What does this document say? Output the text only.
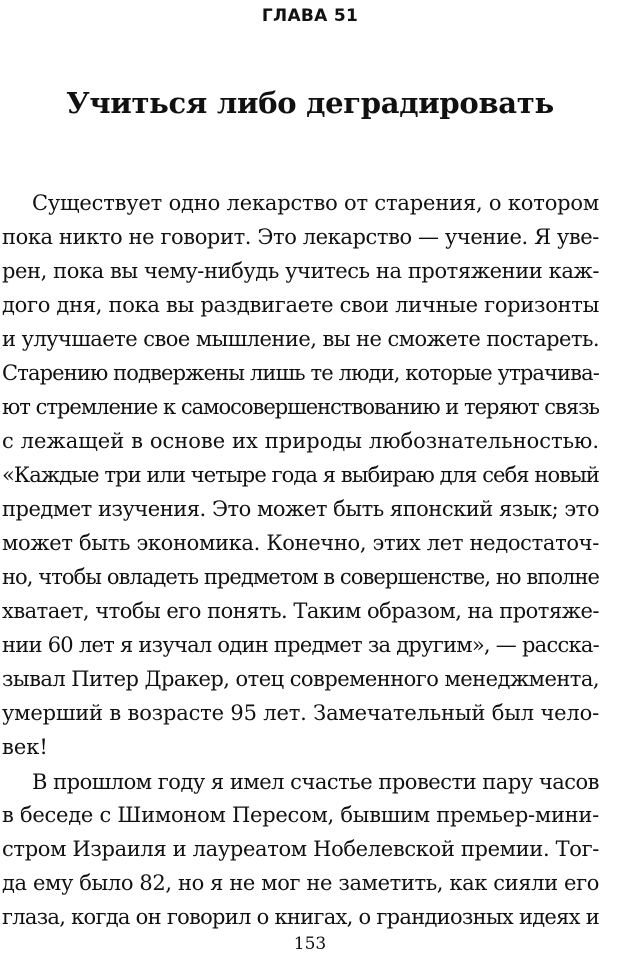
ГЛАВА 51
Учиться либо деградировать
Существует одно лекарство от старения, о котором
пока никто не говорит. Это лекарство — учение. Я уве-
рен, пока вы чему-нибудь учитесь на протяжении каж-
дого дня, пока вы раздвигаете свои личные горизонты
и улучшаете свое мышление, вы не сможете постареть.
Старению подвержены лишь те люди, которые утрачива-
ют стремление к самосовершенствованию и теряют связь
с лежащей в основе их природы любознательностью.
«Каждые три или четыре года я выбираю для себя новый
предмет изучения. Это может быть японский язык; это
может быть экономика. Конечно, этих лет недостаточ-
но, чтобы овладеть предметом в совершенстве, но вполне
хватает, чтобы его понять. Таким образом, на протяже-
нии 60 лет я изучал один предмет за другим», — расска-
зывал Питер Дракер, отец современного менеджмента,
умерший в возрасте 95 лет. Замечательный был чело-
век!
В прошлом году я имел счастье провести пару часов
в беседе с Шимоном Пересом, бывшим премьер-мини-
стром Израиля и лауреатом Нобелевской премии. Тог-
да ему было 82, но я не мог не заметить, как сияли его
глаза, когда он говорил о книгах, о грандиозных идеях и
153
